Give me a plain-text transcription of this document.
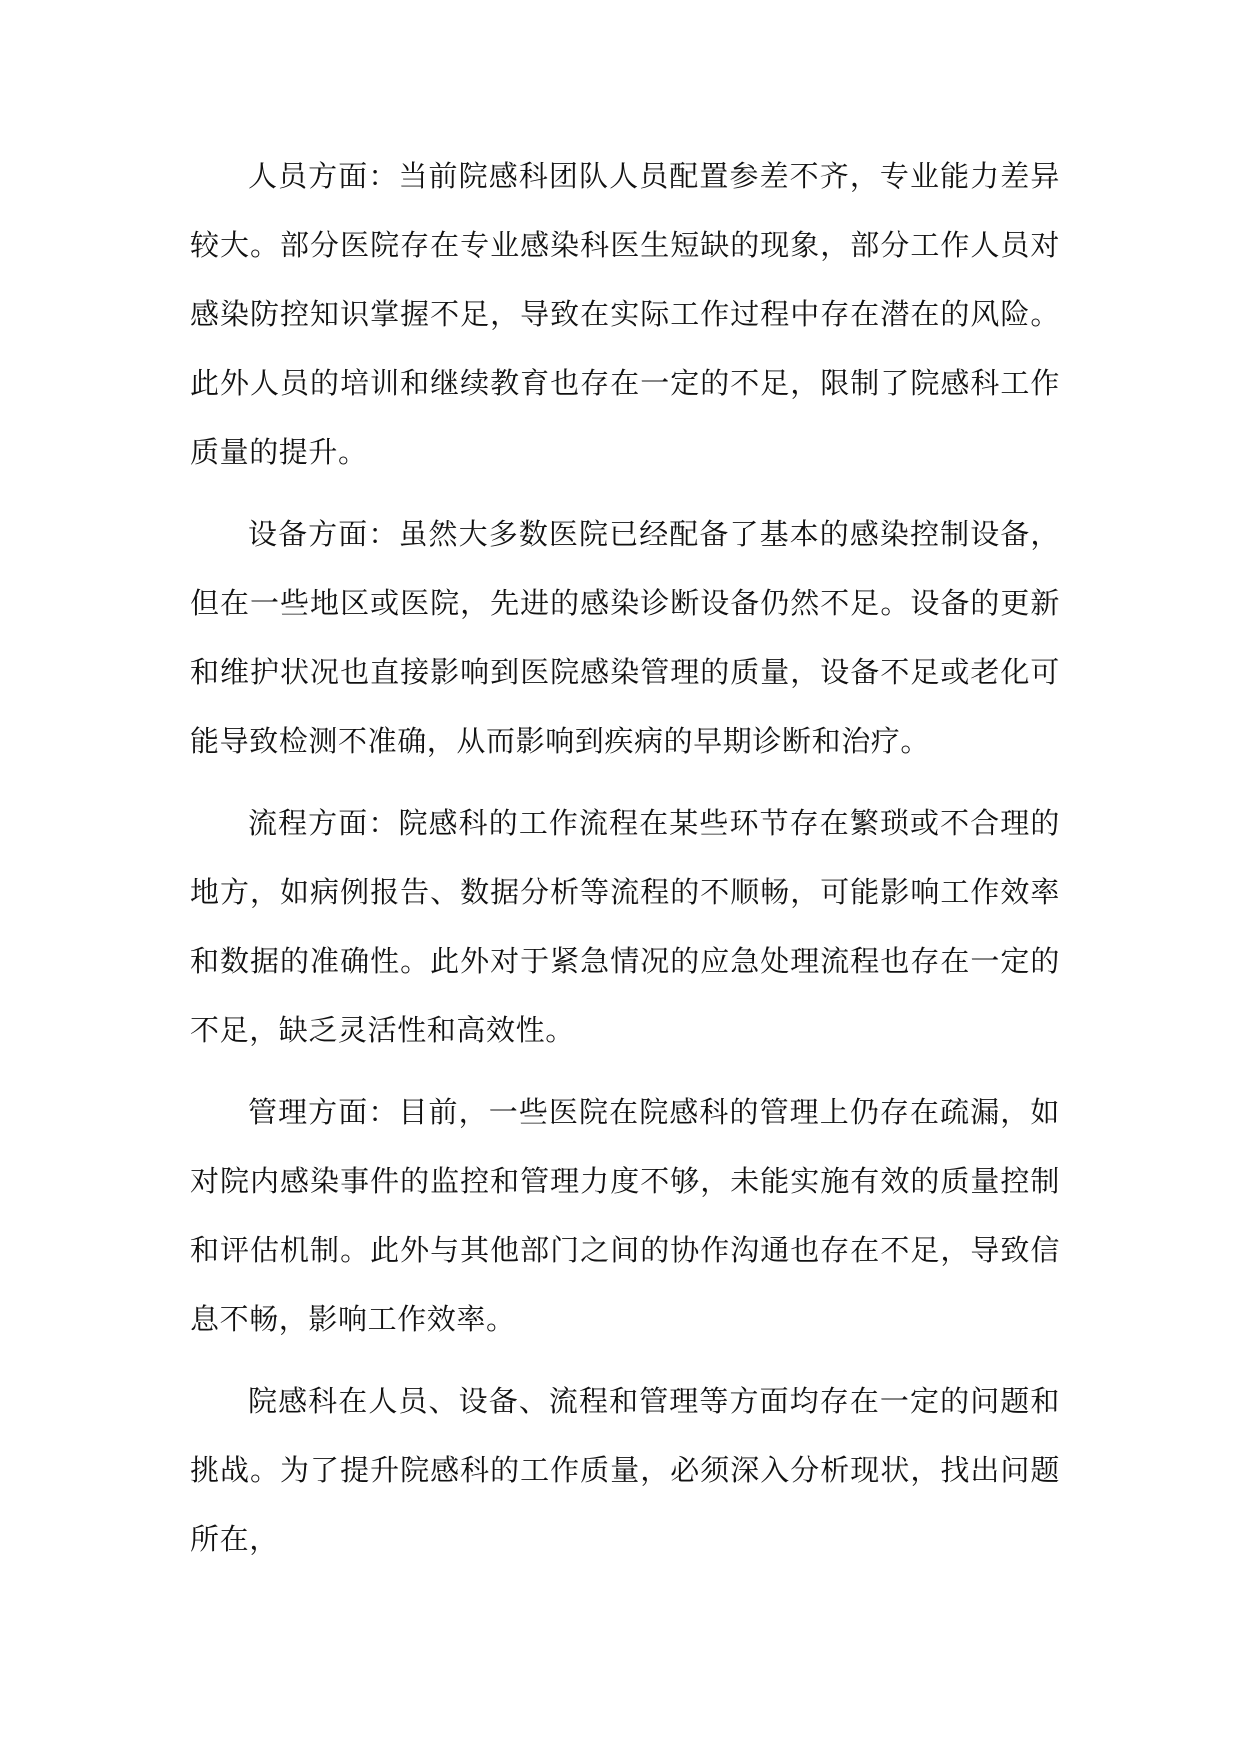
人员方面：当前院感科团队人员配置参差不齐，专业能力差异较大。部分医院存在专业感染科医生短缺的现象，部分工作人员对感染防控知识掌握不足，导致在实际工作过程中存在潜在的风险。此外人员的培训和继续教育也存在一定的不足，限制了院感科工作质量的提升。

设备方面：虽然大多数医院已经配备了基本的感染控制设备，但在一些地区或医院，先进的感染诊断设备仍然不足。设备的更新和维护状况也直接影响到医院感染管理的质量，设备不足或老化可能导致检测不准确，从而影响到疾病的早期诊断和治疗。

流程方面：院感科的工作流程在某些环节存在繁琐或不合理的地方，如病例报告、数据分析等流程的不顺畅，可能影响工作效率和数据的准确性。此外对于紧急情况的应急处理流程也存在一定的不足，缺乏灵活性和高效性。

管理方面：目前，一些医院在院感科的管理上仍存在疏漏，如对院内感染事件的监控和管理力度不够，未能实施有效的质量控制和评估机制。此外与其他部门之间的协作沟通也存在不足，导致信息不畅，影响工作效率。

院感科在人员、设备、流程和管理等方面均存在一定的问题和挑战。为了提升院感科的工作质量，必须深入分析现状，找出问题所在，
